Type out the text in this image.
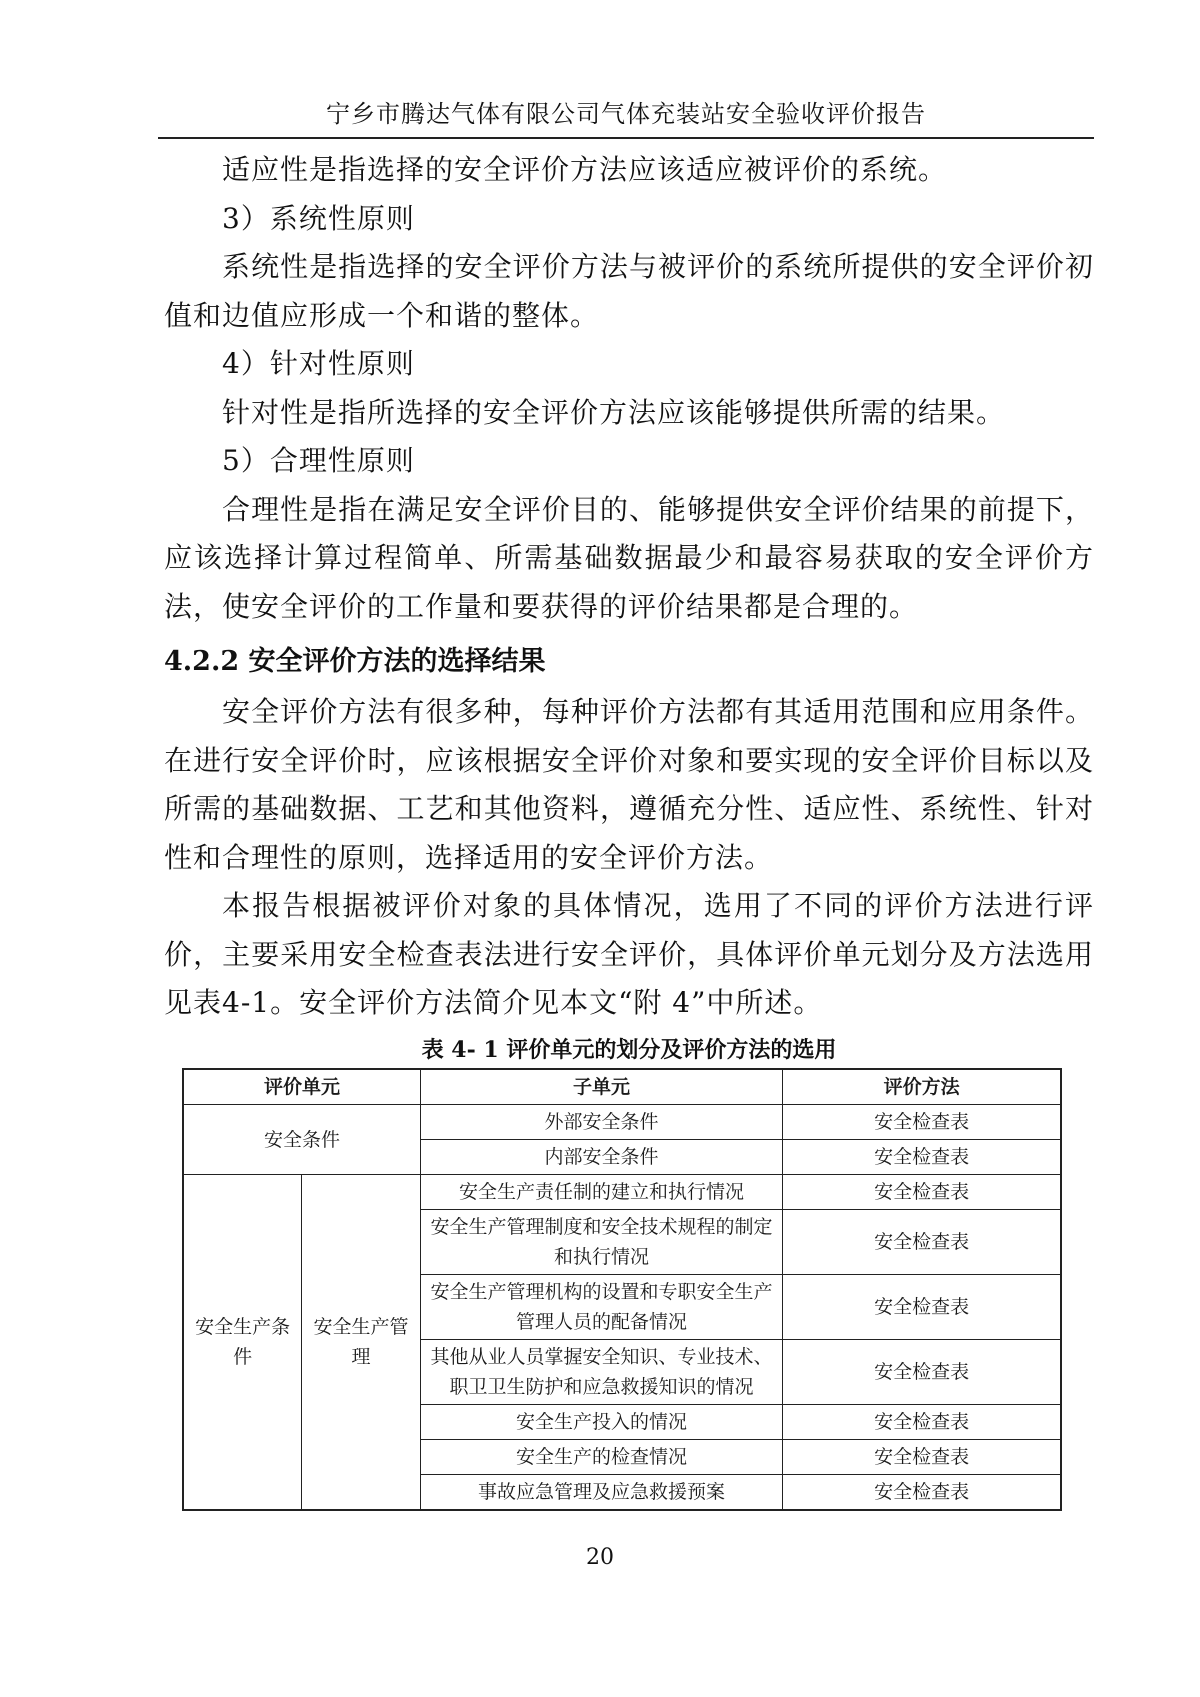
宁乡市腾达气体有限公司气体充装站安全验收评价报告

适应性是指选择的安全评价方法应该适应被评价的系统。

3）系统性原则

系统性是指选择的安全评价方法与被评价的系统所提供的安全评价初值和边值应形成一个和谐的整体。

4）针对性原则

针对性是指所选择的安全评价方法应该能够提供所需的结果。

5）合理性原则

合理性是指在满足安全评价目的、能够提供安全评价结果的前提下，应该选择计算过程简单、所需基础数据最少和最容易获取的安全评价方法，使安全评价的工作量和要获得的评价结果都是合理的。

4.2.2 安全评价方法的选择结果

安全评价方法有很多种，每种评价方法都有其适用范围和应用条件。在进行安全评价时，应该根据安全评价对象和要实现的安全评价目标以及所需的基础数据、工艺和其他资料，遵循充分性、适应性、系统性、针对性和合理性的原则，选择适用的安全评价方法。

本报告根据被评价对象的具体情况，选用了不同的评价方法进行评价，主要采用安全检查表法进行安全评价，具体评价单元划分及方法选用见表4-1。安全评价方法简介见本文“附 4”中所述。

表 4- 1 评价单元的划分及评价方法的选用
评价单元		子单元	评价方法
安全条件		外部安全条件	安全检查表
		内部安全条件	安全检查表
安全生产条件	安全生产管理	安全生产责任制的建立和执行情况	安全检查表
		安全生产管理制度和安全技术规程的制定和执行情况	安全检查表
		安全生产管理机构的设置和专职安全生产管理人员的配备情况	安全检查表
		其他从业人员掌握安全知识、专业技术、职卫卫生防护和应急救援知识的情况	安全检查表
		安全生产投入的情况	安全检查表
		安全生产的检查情况	安全检查表
		事故应急管理及应急救援预案	安全检查表
20
